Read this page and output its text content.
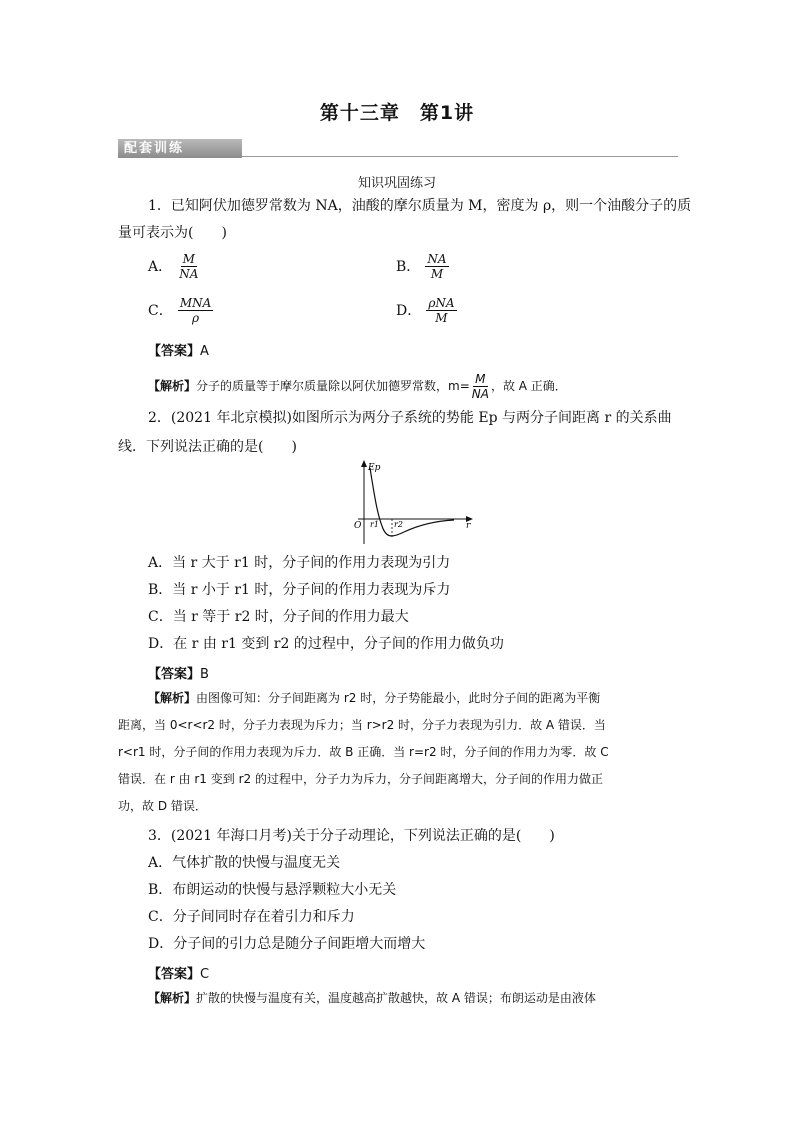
第十三章　第1讲
配套训练
知识巩固练习
1．已知阿伏加德罗常数为 NA，油酸的摩尔质量为 M，密度为 ρ，则一个油酸分子的质
量可表示为(　　)
A． $\frac{M}{NA}$	B． $\frac{NA}{M}$
C． $\frac{\text{MNA}}{\rho}$	D． $\frac{\text{ρNA}}{M}$
【答案】A
【解析】分子的质量等于摩尔质量除以阿伏加德罗常数，$m= \frac{M}{NA}$ ，故 A 正确．
2．(2021 年北京模拟)如图所示为两分子系统的势能 Ep 与两分子间距离 r 的关系曲
线．下列说法正确的是(　　)
Ep
O r1 r2	r
A．当 r 大于 r1 时，分子间的作用力表现为引力
B．当 r 小于 r1 时，分子间的作用力表现为斥力
C．当 r 等于 r2 时，分子间的作用力最大
D．在 r 由 r1 变到 r2 的过程中，分子间的作用力做负功
【答案】B
【解析】由图像可知：分子间距离为 r2 时，分子势能最小，此时分子间的距离为平衡
距离，当 0<r<r2 时，分子力表现为斥力；当 r>r2 时，分子力表现为引力．故 A 错误．当
r<r1 时，分子间的作用力表现为斥力．故 B 正确．当 r=r2 时，分子间的作用力为零．故 C
错误．在 r 由 r1 变到 r2 的过程中，分子力为斥力，分子间距离增大，分子间的作用力做正
功，故 D 错误．
3．(2021 年海口月考)关于分子动理论，下列说法正确的是(　　)
A．气体扩散的快慢与温度无关
B．布朗运动的快慢与悬浮颗粒大小无关
C．分子间同时存在着引力和斥力
D．分子间的引力总是随分子间距增大而增大
【答案】C
【解析】扩散的快慢与温度有关，温度越高扩散越快，故 A 错误；布朗运动是由液体
